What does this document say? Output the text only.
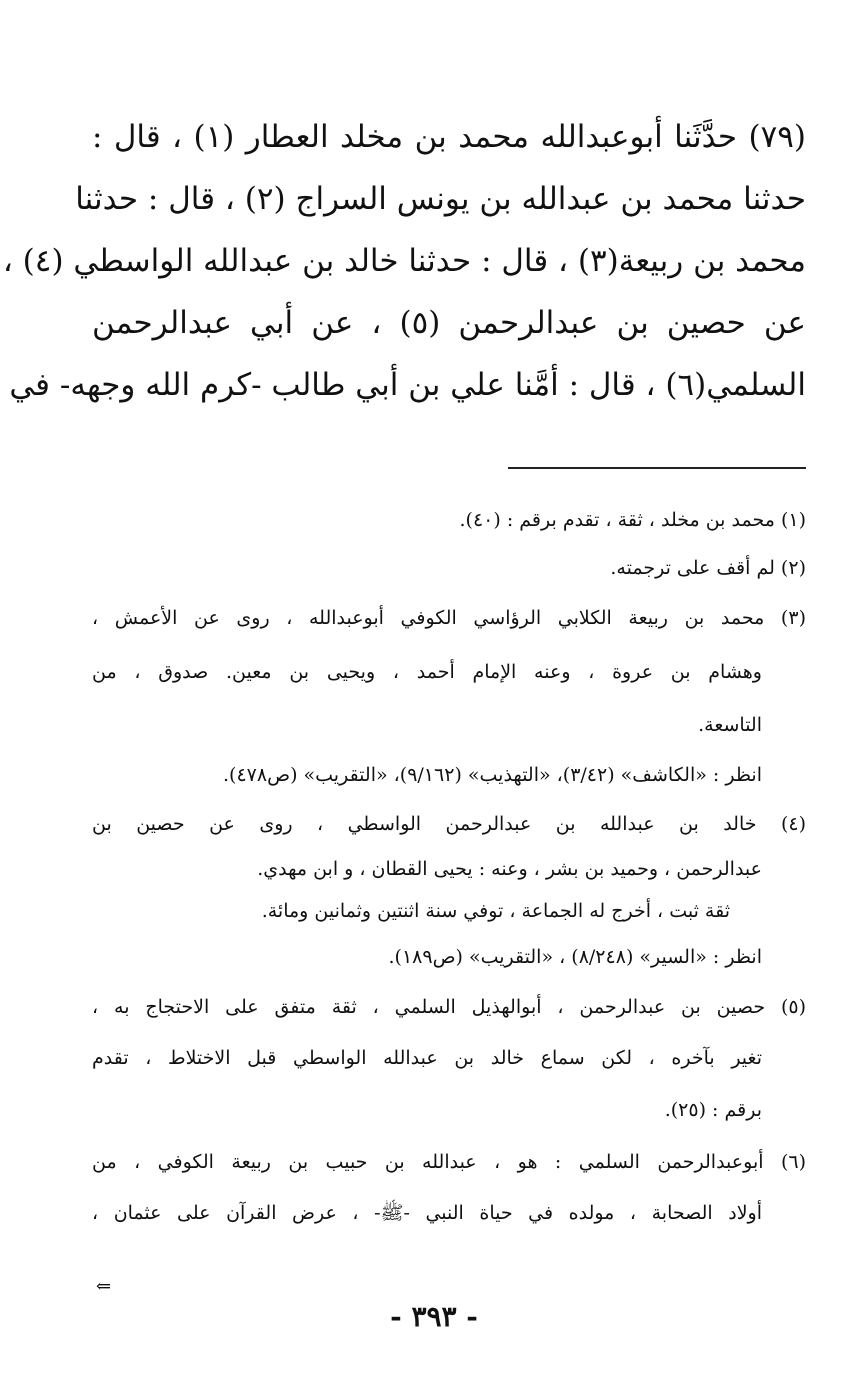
(٧٩) حدَّثَنا أبوعبدالله محمد بن مخلد العطار (١) ، قال :
حدثنا محمد بن عبدالله بن يونس السراج (٢) ، قال : حدثنا
محمد بن ربيعة(٣) ، قال : حدثنا خالد بن عبدالله الواسطي (٤) ،
عن حصين بن عبدالرحمن (٥) ، عن أبي عبدالرحمن
السلمي(٦) ، قال : أمَّنا علي بن أبي طالب -كرم الله وجهه- في
(١) محمد بن مخلد ، ثقة ، تقدم برقم : (٤٠).
(٢) لم أقف على ترجمته.
(٣) محمد بن ربيعة الكلابي الرؤاسي الكوفي أبوعبدالله ، روى عن الأعمش ،
وهشام بن عروة ، وعنه الإمام أحمد ، ويحيى بن معين. صدوق ، من
التاسعة.
انظر : «الكاشف» (٣/٤٢)، «التهذيب» (٩/١٦٢)، «التقريب» (ص٤٧٨).
(٤) خالد بن عبدالله بن عبدالرحمن الواسطي ، روى عن حصين بن
عبدالرحمن ، وحميد بن بشر ، وعنه : يحيى القطان ، و ابن مهدي.
ثقة ثبت ، أخرج له الجماعة ، توفي سنة اثنتين وثمانين ومائة.
انظر : «السير» (٨/٢٤٨) ، «التقريب» (ص١٨٩).
(٥) حصين بن عبدالرحمن ، أبوالهذيل السلمي ، ثقة متفق على الاحتجاج به ،
تغير بآخره ، لكن سماع خالد بن عبدالله الواسطي قبل الاختلاط ، تقدم
برقم : (٢٥).
(٦) أبوعبدالرحمن السلمي : هو ، عبدالله بن حبيب بن ربيعة الكوفي ، من
أولاد الصحابة ، مولده في حياة النبي -ﷺ- ، عرض القرآن على عثمان ،
⇐
- ٣٩٣ -
